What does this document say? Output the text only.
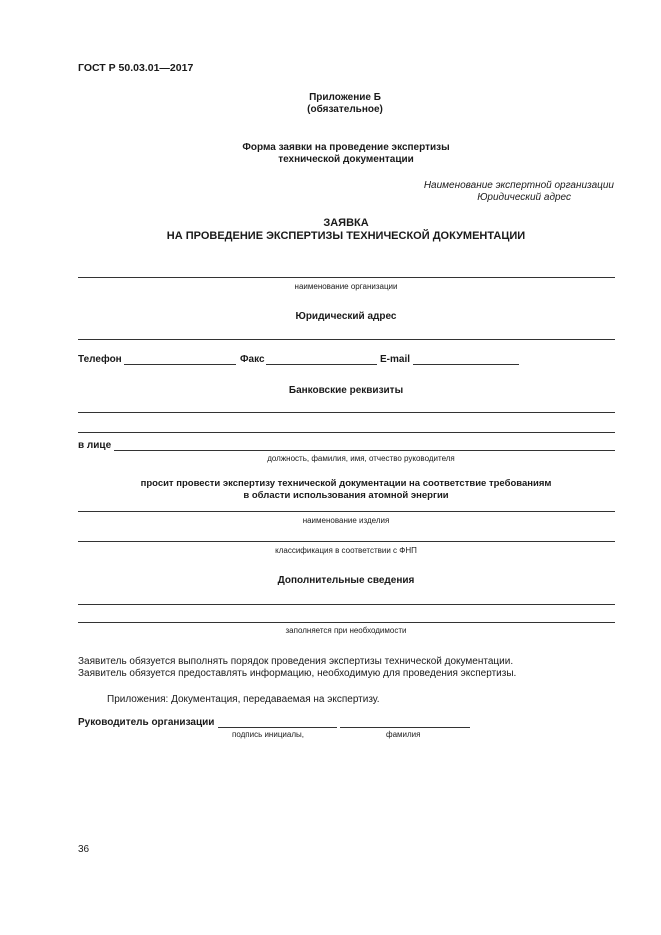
ГОСТ Р 50.03.01—2017
Приложение Б
(обязательное)
Форма заявки на проведение экспертизы
технической документации
Наименование экспертной организации
Юридический адрес
ЗАЯВКА
НА ПРОВЕДЕНИЕ ЭКСПЕРТИЗЫ ТЕХНИЧЕСКОЙ ДОКУМЕНТАЦИИ
наименование организации
Юридический адрес
Телефон	Факс	E-mail
Банковские реквизиты
в лице
должность, фамилия, имя, отчество руководителя
просит провести экспертизу технической документации на соответствие требованиям
в области использования атомной энергии
наименование изделия
классификация в соответствии с ФНП
Дополнительные сведения
заполняется при необходимости
Заявитель обязуется выполнять порядок проведения экспертизы технической документации.
Заявитель обязуется предоставлять информацию, необходимую для проведения экспертизы.
Приложения: Документация, передаваемая на экспертизу.
Руководитель организации
подпись инициалы,	фамилия
36
